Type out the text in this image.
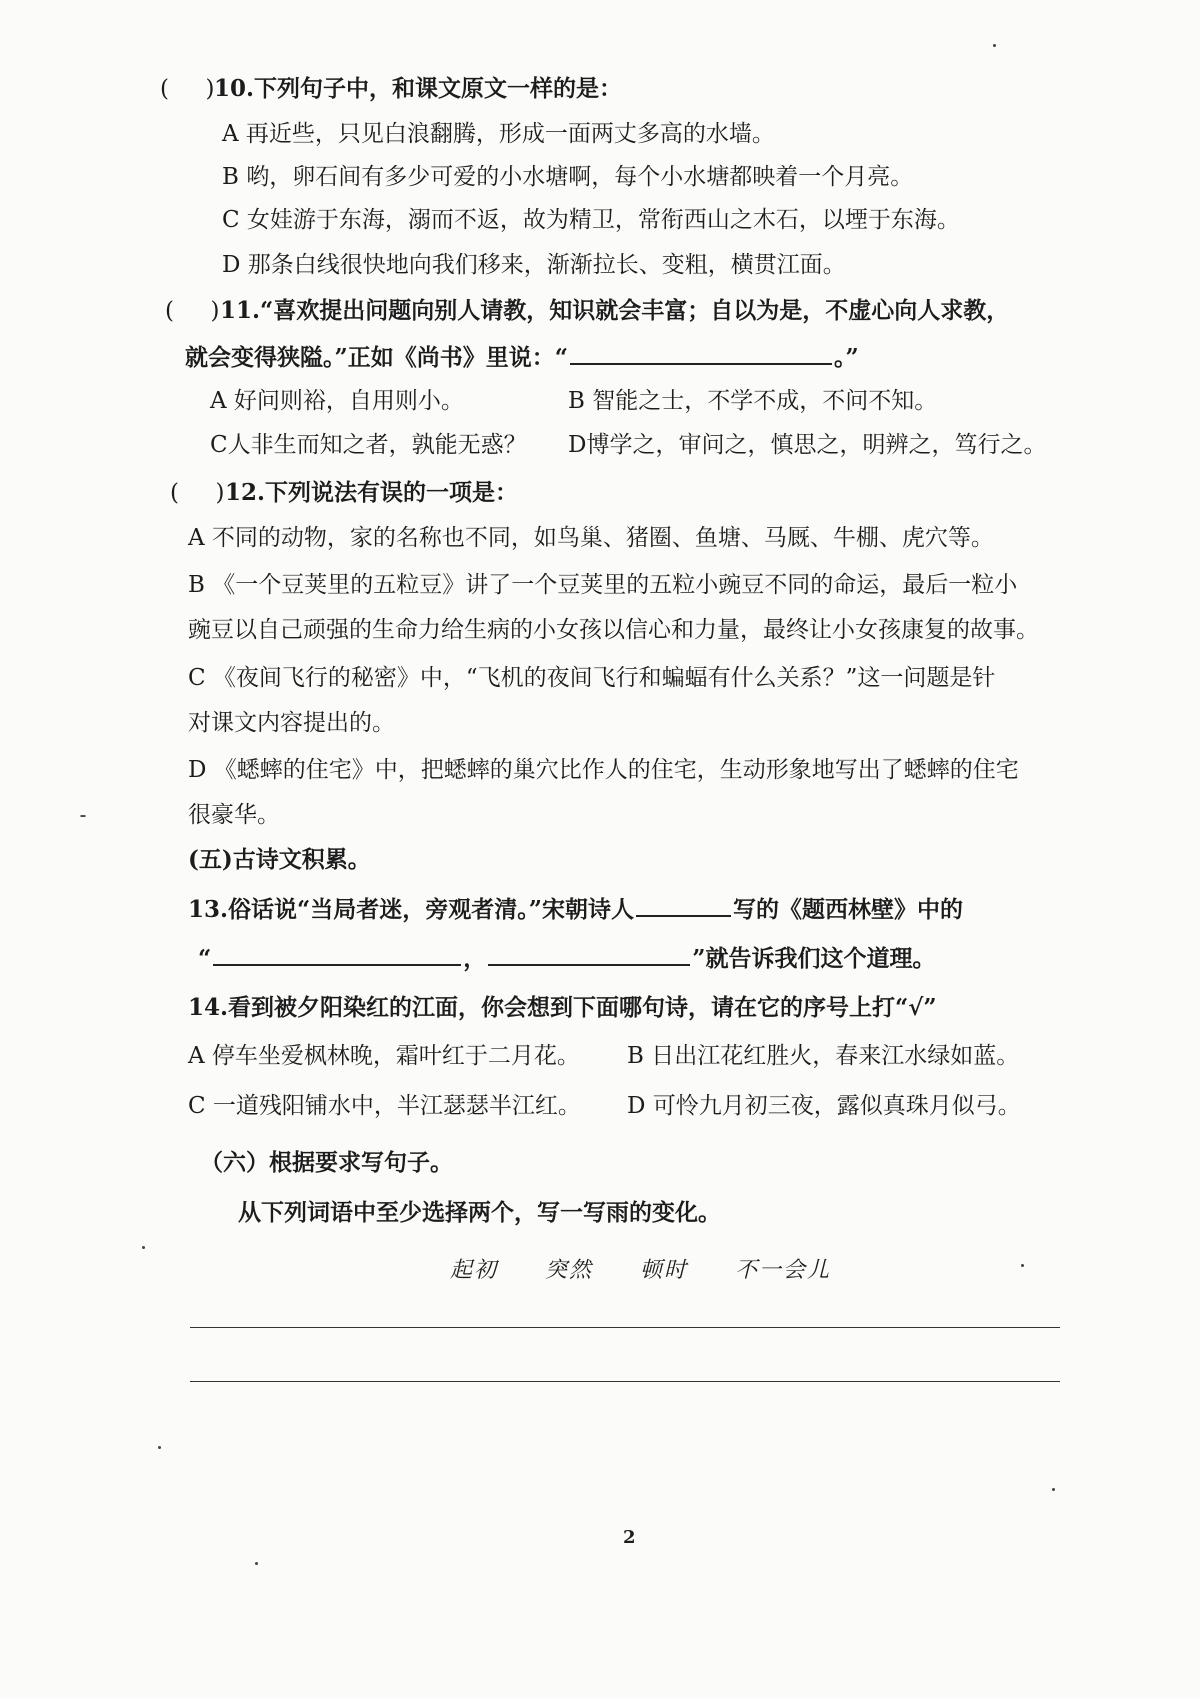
(     ) 10.下列句子中，和课文原文一样的是：
A 再近些，只见白浪翻腾，形成一面两丈多高的水墙。
B 哟，卵石间有多少可爱的小水塘啊，每个小水塘都映着一个月亮。
C 女娃游于东海，溺而不返，故为精卫，常衔西山之木石，以堙于东海。
D 那条白线很快地向我们移来，渐渐拉长、变粗，横贯江面。
(     ) 11.“喜欢提出问题向别人请教，知识就会丰富；自以为是，不虚心向人求教，
就会变得狭隘。”正如《尚书》里说：“	。”
A 好问则裕，自用则小。	B 智能之士，不学不成，不问不知。
C人非生而知之者，孰能无惑？ D博学之，审问之，慎思之，明辨之，笃行之。
(     ) 12.下列说法有误的一项是：
A 不同的动物，家的名称也不同，如鸟巢、猪圈、鱼塘、马厩、牛棚、虎穴等。
B 《一个豆荚里的五粒豆》讲了一个豆荚里的五粒小豌豆不同的命运，最后一粒小
豌豆以自己顽强的生命力给生病的小女孩以信心和力量，最终让小女孩康复的故事。
C 《夜间飞行的秘密》中，“飞机的夜间飞行和蝙蝠有什么关系？”这一问题是针
对课文内容提出的。
D 《蟋蟀的住宅》中，把蟋蟀的巢穴比作人的住宅，生动形象地写出了蟋蟀的住宅
很豪华。
(五)古诗文积累。
13.俗话说“当局者迷，旁观者清。”宋朝诗人	写的《题西林壁》中的
“	，	”就告诉我们这个道理。
14.看到被夕阳染红的江面，你会想到下面哪句诗，请在它的序号上打“√”
A 停车坐爱枫林晚，霜叶红于二月花。 B 日出江花红胜火，春来江水绿如蓝。
C 一道残阳铺水中，半江瑟瑟半江红。 D 可怜九月初三夜，露似真珠月似弓。
（六）根据要求写句子。
从下列词语中至少选择两个，写一写雨的变化。
起初 突然 顿时 不一会儿
2
